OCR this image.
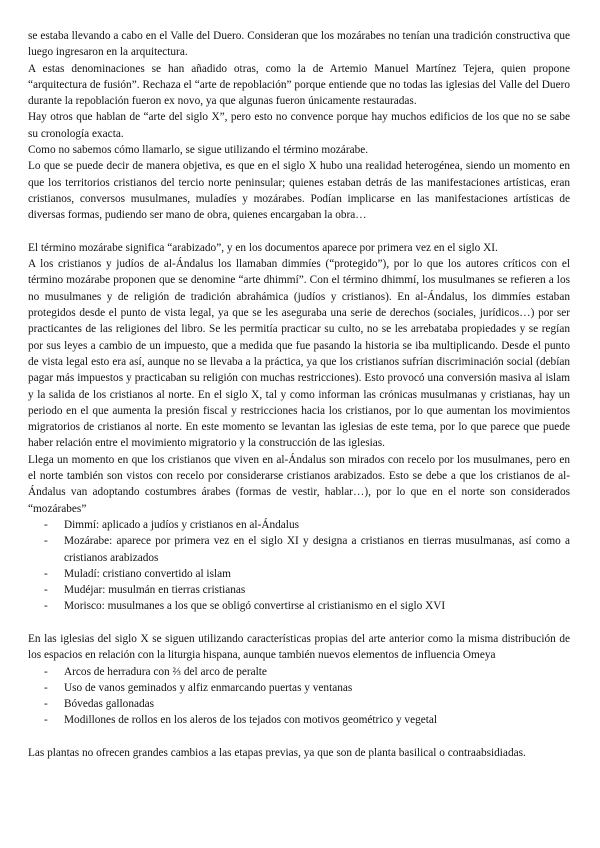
se estaba llevando a cabo en el Valle del Duero. Consideran que los mozárabes no tenían una tradición constructiva que luego ingresaron en la arquitectura.

A estas denominaciones se han añadido otras, como la de Artemio Manuel Martínez Tejera, quien propone “arquitectura de fusión”. Rechaza el “arte de repoblación” porque entiende que no todas las iglesias del Valle del Duero durante la repoblación fueron ex novo, ya que algunas fueron únicamente restauradas.

Hay otros que hablan de “arte del siglo X”, pero esto no convence porque hay muchos edificios de los que no se sabe su cronología exacta.

Como no sabemos cómo llamarlo, se sigue utilizando el término mozárabe.

Lo que se puede decir de manera objetiva, es que en el siglo X hubo una realidad heterogénea, siendo un momento en que los territorios cristianos del tercio norte peninsular; quienes estaban detrás de las manifestaciones artísticas, eran cristianos, conversos musulmanes, muladíes y mozárabes. Podían implicarse en las manifestaciones artísticas de diversas formas, pudiendo ser mano de obra, quienes encargaban la obra…

El término mozárabe significa “arabizado”, y en los documentos aparece por primera vez en el siglo XI.

A los cristianos y judíos de al-Ándalus los llamaban dimmíes (“protegido”), por lo que los autores críticos con el término mozárabe proponen que se denomine “arte dhimmí”. Con el término dhimmí, los musulmanes se refieren a los no musulmanes y de religión de tradición abrahámica (judíos y cristianos). En al-Ándalus, los dimmíes estaban protegidos desde el punto de vista legal, ya que se les aseguraba una serie de derechos (sociales, jurídicos…) por ser practicantes de las religiones del libro. Se les permitía practicar su culto, no se les arrebataba propiedades y se regían por sus leyes a cambio de un impuesto, que a medida que fue pasando la historia se iba multiplicando. Desde el punto de vista legal esto era así, aunque no se llevaba a la práctica, ya que los cristianos sufrían discriminación social (debían pagar más impuestos y practicaban su religión con muchas restricciones). Esto provocó una conversión masiva al islam y la salida de los cristianos al norte. En el siglo X, tal y como informan las crónicas musulmanas y cristianas, hay un periodo en el que aumenta la presión fiscal y restricciones hacia los cristianos, por lo que aumentan los movimientos migratorios de cristianos al norte. En este momento se levantan las iglesias de este tema, por lo que parece que puede haber relación entre el movimiento migratorio y la construcción de las iglesias.

Llega un momento en que los cristianos que viven en al-Ándalus son mirados con recelo por los musulmanes, pero en el norte también son vistos con recelo por considerarse cristianos arabizados. Esto se debe a que los cristianos de al-Ándalus van adoptando costumbres árabes (formas de vestir, hablar…), por lo que en el norte son considerados “mozárabes”

- Dimmí: aplicado a judíos y cristianos en al-Ándalus
- Mozárabe: aparece por primera vez en el siglo XI y designa a cristianos en tierras musulmanas, así como a cristianos arabizados
- Muladí: cristiano convertido al islam
- Mudéjar: musulmán en tierras cristianas
- Morisco: musulmanes a los que se obligó convertirse al cristianismo en el siglo XVI

En las iglesias del siglo X se siguen utilizando características propias del arte anterior como la misma distribución de los espacios en relación con la liturgia hispana, aunque también nuevos elementos de influencia Omeya

- Arcos de herradura con ⅔ del arco de peralte
- Uso de vanos geminados y alfiz enmarcando puertas y ventanas
- Bóvedas gallonadas
- Modillones de rollos en los aleros de los tejados con motivos geométrico y vegetal

Las plantas no ofrecen grandes cambios a las etapas previas, ya que son de planta basilical o contraabsidiadas.
